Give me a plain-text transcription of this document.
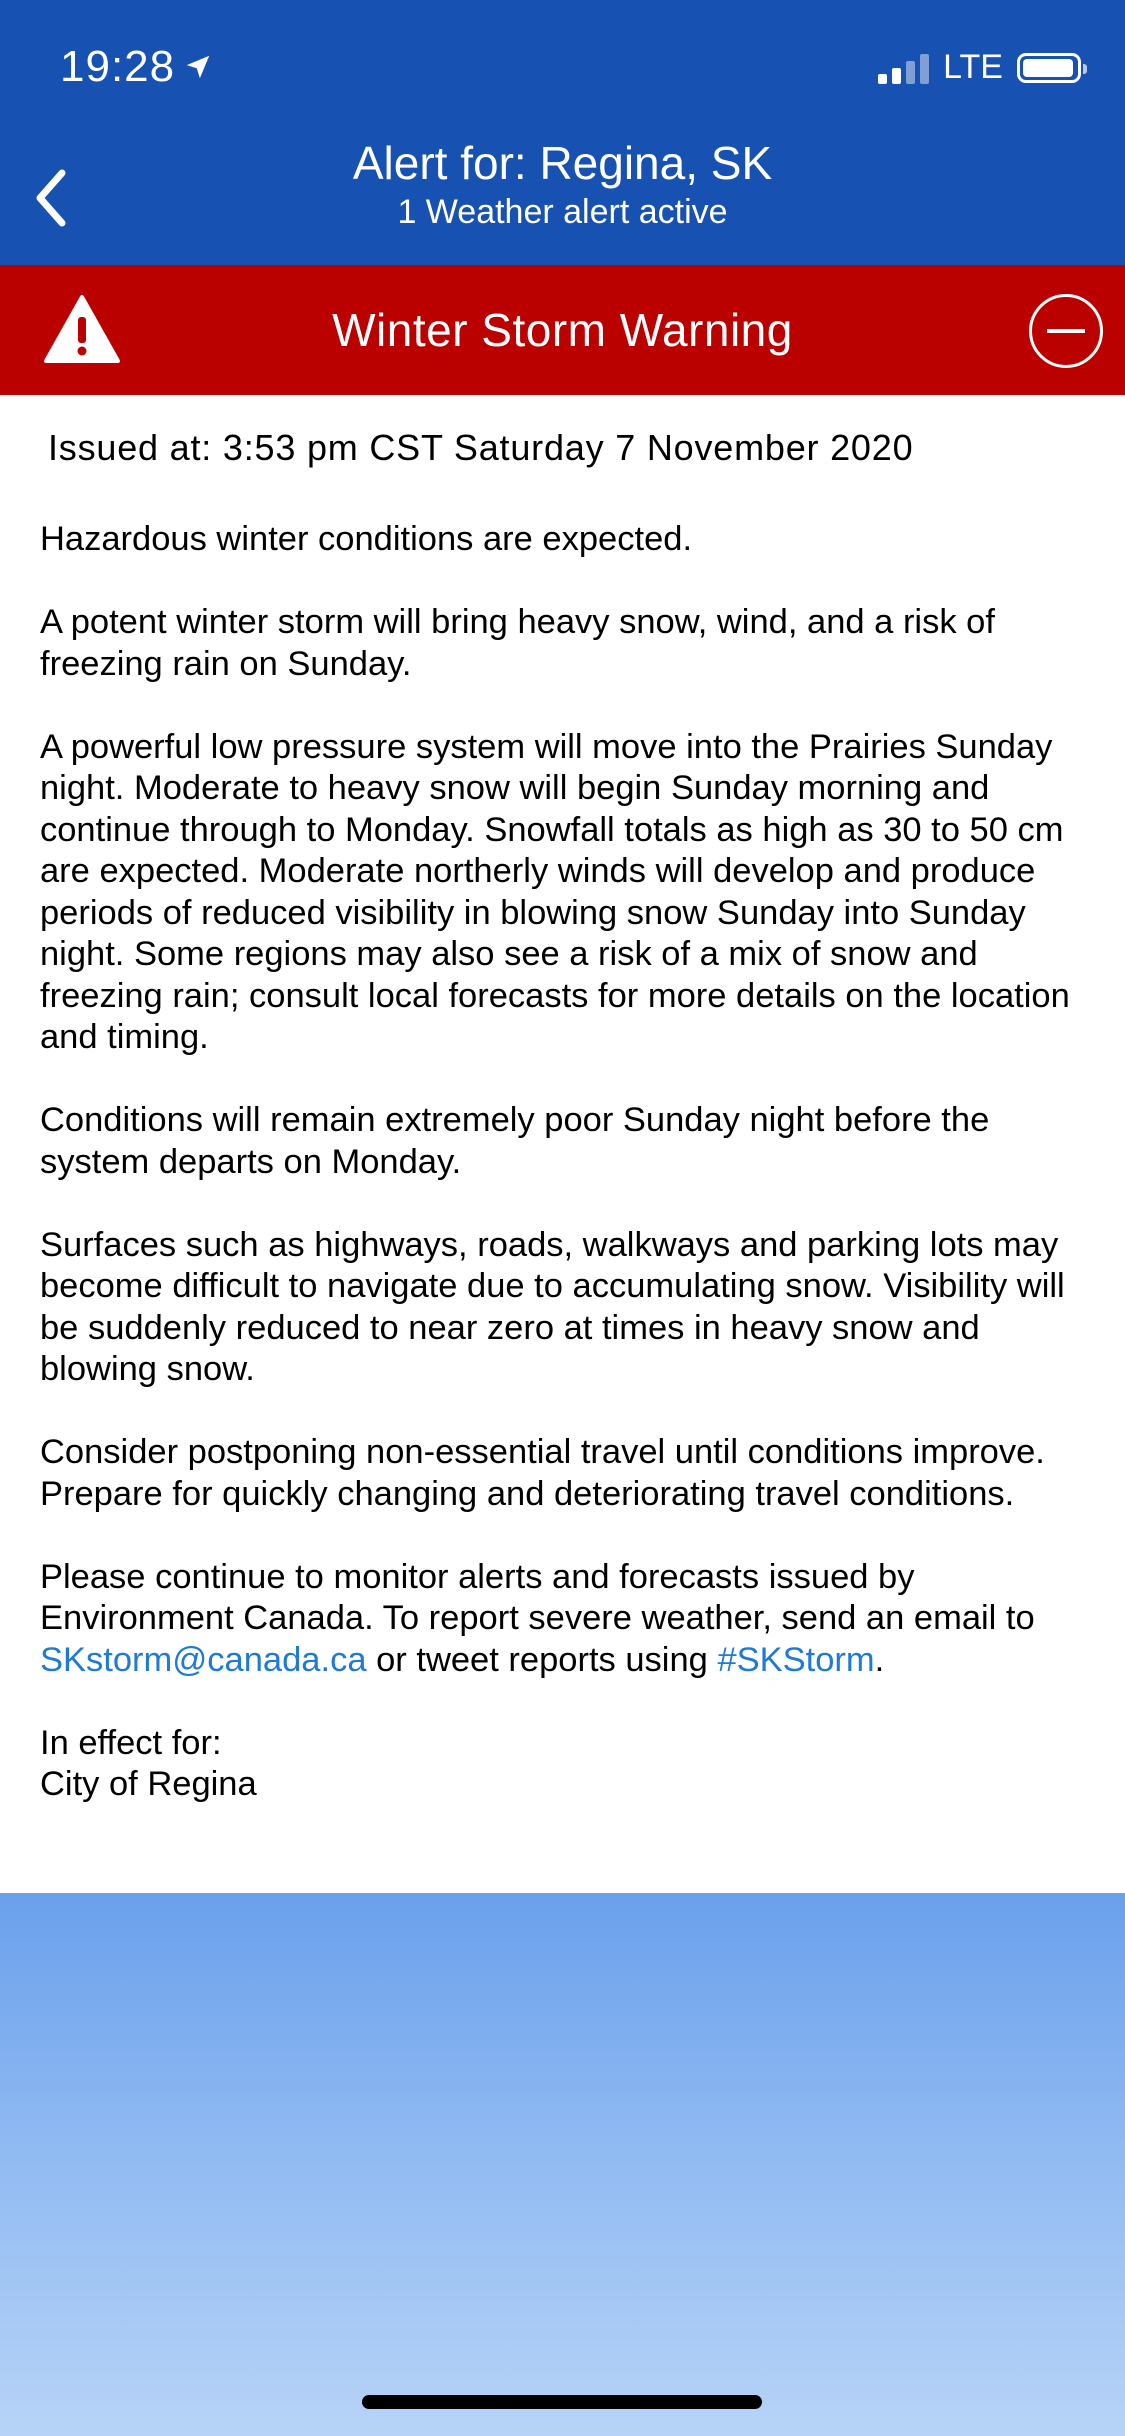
19:28	LTE
Alert for: Regina, SK
1 Weather alert active
Winter Storm Warning
Issued at: 3:53 pm CST Saturday 7 November 2020

Hazardous winter conditions are expected.

A potent winter storm will bring heavy snow, wind, and a risk of freezing rain on Sunday.

A powerful low pressure system will move into the Prairies Sunday night. Moderate to heavy snow will begin Sunday morning and continue through to Monday. Snowfall totals as high as 30 to 50 cm are expected. Moderate northerly winds will develop and produce periods of reduced visibility in blowing snow Sunday into Sunday night. Some regions may also see a risk of a mix of snow and freezing rain; consult local forecasts for more details on the location and timing.

Conditions will remain extremely poor Sunday night before the system departs on Monday.

Surfaces such as highways, roads, walkways and parking lots may become difficult to navigate due to accumulating snow. Visibility will be suddenly reduced to near zero at times in heavy snow and blowing snow.

Consider postponing non-essential travel until conditions improve. Prepare for quickly changing and deteriorating travel conditions.

Please continue to monitor alerts and forecasts issued by Environment Canada. To report severe weather, send an email to SKstorm@canada.ca or tweet reports using #SKStorm.

In effect for:
City of Regina
